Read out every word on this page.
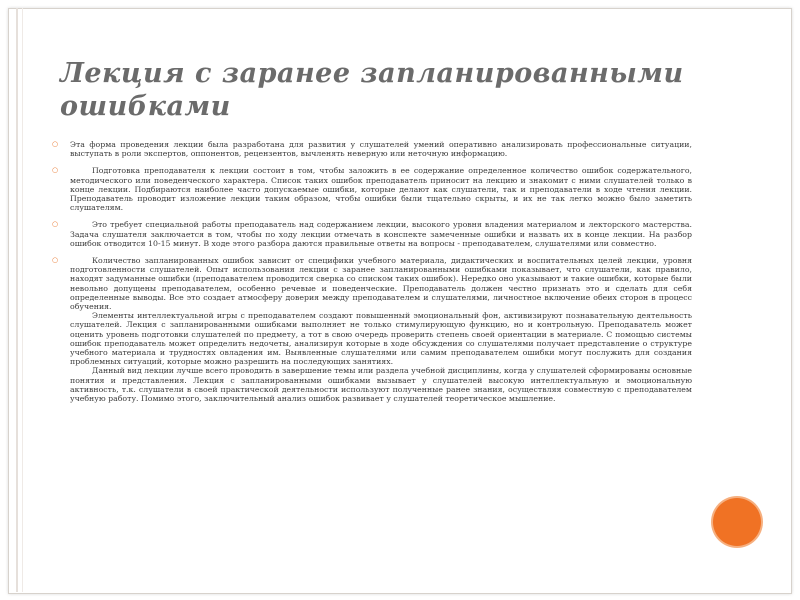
Лекция с заранее запланированными ошибками
○ Эта форма проведения лекции была разработана для развития у слушателей умений оперативно анализировать профессиональные ситуации, выступать в роли экспертов, оппонентов, рецензентов, вычленять неверную или неточную информацию.
○	Подготовка преподавателя к лекции состоит в том, чтобы заложить в ее содержание определенное количество ошибок содержательного, методического или поведенческого характера. Список таких ошибок преподаватель приносит на лекцию и знакомит с ними слушателей только в конце лекции. Подбираются наиболее часто допускаемые ошибки, которые делают как слушатели, так и преподаватели в ходе чтения лекции. Преподаватель проводит изложение лекции таким образом, чтобы ошибки были тщательно скрыты, и их не так легко можно было заметить слушателям.
○	Это требует специальной работы преподаватель над содержанием лекции, высокого уровня владения материалом и лекторского мастерства. Задача слушателя заключается в том, чтобы по ходу лекции отмечать в конспекте замеченные ошибки и назвать их в конце лекции. На разбор ошибок отводится 10-15 минут. В ходе этого разбора даются правильные ответы на вопросы - преподавателем, слушателями или совместно.
○	Количество запланированных ошибок зависит от специфики учебного материала, дидактических и воспитательных целей лекции, уровня подготовленности слушателей. Опыт использования лекции с заранее запланированными ошибками показывает, что слушатели, как правило, находят задуманные ошибки (преподавателем проводится сверка со списком таких ошибок). Нередко оно указывают и такие ошибки, которые были невольно допущены преподавателем, особенно речевые и поведенческие. Преподаватель должен честно признать это и сделать для себя определенные выводы. Все это создает атмосферу доверия между преподавателем и слушателями, личностное включение обеих сторон в процесс обучения.
Элементы интеллектуальной игры с преподавателем создают повышенный эмоциональный фон, активизируют познавательную деятельность слушателей. Лекция с запланированными ошибками выполняет не только стимулирующую функцию, но и контрольную. Преподаватель может оценить уровень подготовки слушателей по предмету, а тот в свою очередь проверить степень своей ориентации в материале. С помощью системы ошибок преподаватель может определить недочеты, анализируя которые в ходе обсуждения со слушателями получает представление о структуре учебного материала и трудностях овладения им. Выявленные слушателями или самим преподавателем ошибки могут послужить для создания проблемных ситуаций, которые можно разрешить на последующих занятиях.
Данный вид лекции лучше всего проводить в завершение темы или раздела учебной дисциплины, когда у слушателей сформированы основные понятия и представления. Лекция с запланированными ошибками вызывает у слушателей высокую интеллектуальную и эмоциональную активность, т.к. слушатели в своей практической деятельности используют полученные ранее знания, осуществляя совместную с преподавателем учебную работу. Помимо этого, заключительный анализ ошибок развивает у слушателей теоретическое мышление.
